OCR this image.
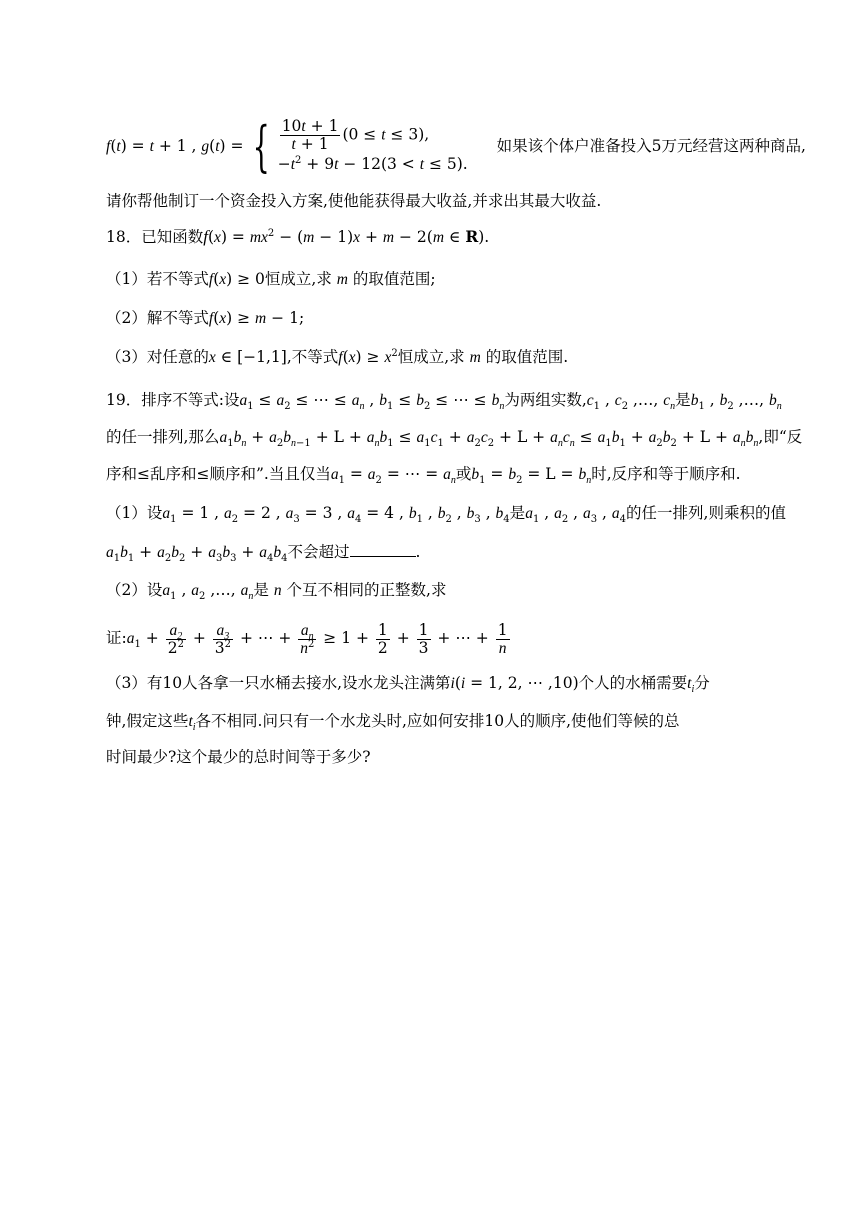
f(t) = t + 1 , g(t) = { $\frac{10t + 1}{t + 1} (0 \le t \le 3)$,
$-t^2 + 9t - 12(3 < t \le 5)$.
如果该个体户准备投入5万元经营这两种商品,
请你帮他制订一个资金投入方案,使他能获得最大收益,并求出其最大收益.
18．已知函数$f(x) = mx^2 - (m - 1)x + m - 2(m$ ∈ R).
（1）若不等式f(x) ≥ 0恒成立,求 m 的取值范围;
（2）解不等式f(x) ≥ m − 1;
（3）对任意的x ∈ [−1,1],不等式$f(x) \ge x^2$恒成立,求 m 的取值范围.
19．排序不等式:设$a_1 \le a_2$ ≤ ⋯ ≤ $a_n$ , $b_1 \le b_2$ ≤ ⋯ ≤ $b_n$为两组实数$,c_1$ , $c_2$ ,…, $c_n$是$b_1$ , $b_2$ ,…, $b_n$
的任一排列,那么$a_1b_n + a_2b_{n-1} + L + a_nb_1 \le a_1c_1 + a_2c_2 + L + a_nc_n \le a_1b_1 + a_2b_2 + L + a_nb_n$,即“反
序和≤乱序和≤顺序和”.当且仅当$a_1 = a_2$ = ⋯ = $a_n$或$b_1 = b_2 = L = b_n$时,反序和等于顺序和.
（1）设$a_1 = 1$ , $a_2 = 2$ , $a_3 = 3$ , $a_4 = 4$ , $b_1$ , $b_2$ , $b_3$ , $b_4$是$a_1$ , $a_2$ , $a_3$ , $a_4$的任一排列,则乘积的值
$a_1b_1 + a_2b_2 + a_3b_3 + a_4b_4$不会超过	.
（2）设$a_1$ , $a_2$ ,…, $a_n$是 n 个互不相同的正整数,求
证$:a_1 + \frac{a_2}{2^2} + \frac{a_3}{3^2}$ + ⋯ + $\frac{a_n}{n^2} \ge 1 + \frac{1}{2} + \frac{1}{3}$ + ⋯ + $\frac{1}{n}$
（3）有10人各拿一只水桶去接水,设水龙头注满第i(i = 1, 2, ⋯ ,10)个人的水桶需要$t_i$分
钟,假定这些$t_i$各不相同.问只有一个水龙头时,应如何安排10人的顺序,使他们等候的总
时间最少?这个最少的总时间等于多少?
